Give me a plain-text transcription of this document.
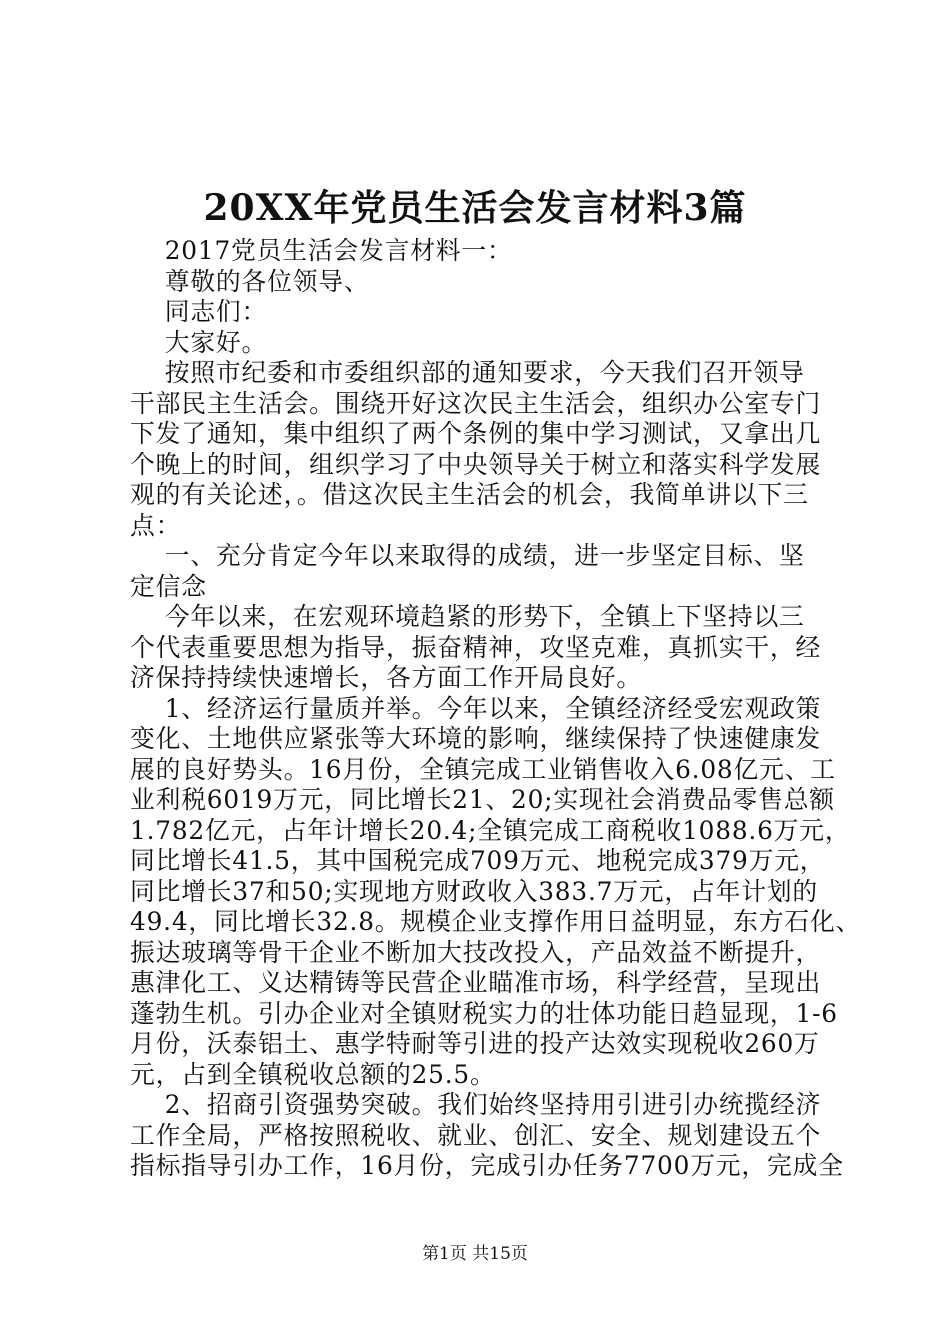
20XX年党员生活会发言材料3篇
2017党员生活会发言材料一：
尊敬的各位领导、
同志们：
大家好。
按照市纪委和市委组织部的通知要求，今天我们召开领导
干部民主生活会。围绕开好这次民主生活会，组织办公室专门
下发了通知，集中组织了两个条例的集中学习测试，又拿出几
个晚上的时间，组织学习了中央领导关于树立和落实科学发展
观的有关论述，。借这次民主生活会的机会，我简单讲以下三
点：
一、充分肯定今年以来取得的成绩，进一步坚定目标、坚
定信念
今年以来，在宏观环境趋紧的形势下，全镇上下坚持以三
个代表重要思想为指导，振奋精神，攻坚克难，真抓实干，经
济保持持续快速增长，各方面工作开局良好。
1、经济运行量质并举。今年以来，全镇经济经受宏观政策
变化、土地供应紧张等大环境的影响，继续保持了快速健康发
展的良好势头。16月份，全镇完成工业销售收入6.08亿元、工
业利税6019万元，同比增长21、20;实现社会消费品零售总额
1.782亿元，占年计增长20.4;全镇完成工商税收1088.6万元，
同比增长41.5，其中国税完成709万元、地税完成379万元，
同比增长37和50;实现地方财政收入383.7万元，占年计划的
49.4，同比增长32.8。规模企业支撑作用日益明显，东方石化、
振达玻璃等骨干企业不断加大技改投入，产品效益不断提升，
惠津化工、义达精铸等民营企业瞄准市场，科学经营，呈现出
蓬勃生机。引办企业对全镇财税实力的壮体功能日趋显现，1-6
月份，沃泰铝土、惠学特耐等引进的投产达效实现税收260万
元，占到全镇税收总额的25.5。
2、招商引资强势突破。我们始终坚持用引进引办统揽经济
工作全局，严格按照税收、就业、创汇、安全、规划建设五个
指标指导引办工作，16月份，完成引办任务7700万元，完成全
第1页 共15页
